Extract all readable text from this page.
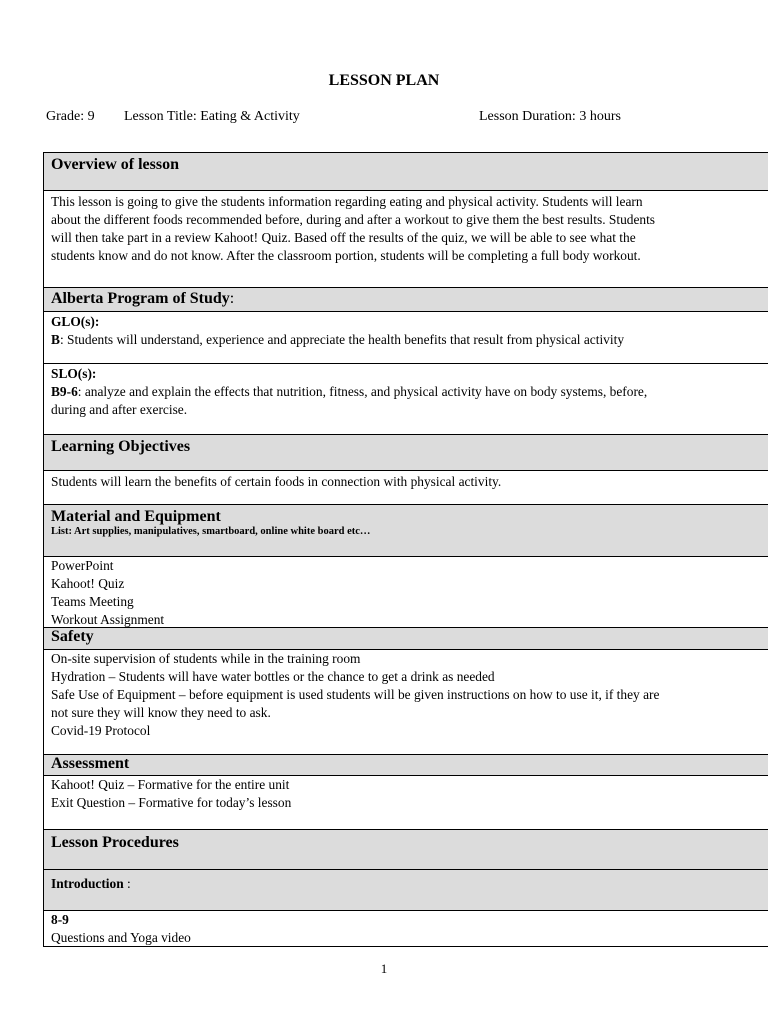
LESSON PLAN
Grade: 9 Lesson Title: Eating & Activity	Lesson Duration: 3 hours
Overview of lesson
This lesson is going to give the students information regarding eating and physical activity. Students will learn
about the different foods recommended before, during and after a workout to give them the best results. Students
will then take part in a review Kahoot! Quiz. Based off the results of the quiz, we will be able to see what the
students know and do not know. After the classroom portion, students will be completing a full body workout.
Alberta Program of Study:
GLO(s):
B: Students will understand, experience and appreciate the health benefits that result from physical activity
SLO(s):
B9-6: analyze and explain the effects that nutrition, fitness, and physical activity have on body systems, before,
during and after exercise.
Learning Objectives
Students will learn the benefits of certain foods in connection with physical activity.
Material and Equipment
List: Art supplies, manipulatives, smartboard, online white board etc…
PowerPoint
Kahoot! Quiz
Teams Meeting
Workout Assignment
Safety
On-site supervision of students while in the training room
Hydration – Students will have water bottles or the chance to get a drink as needed
Safe Use of Equipment – before equipment is used students will be given instructions on how to use it, if they are
not sure they will know they need to ask.
Covid-19 Protocol
Assessment
Kahoot! Quiz – Formative for the entire unit
Exit Question – Formative for today’s lesson
Lesson Procedures
Introduction :
8-9
Questions and Yoga video
1
